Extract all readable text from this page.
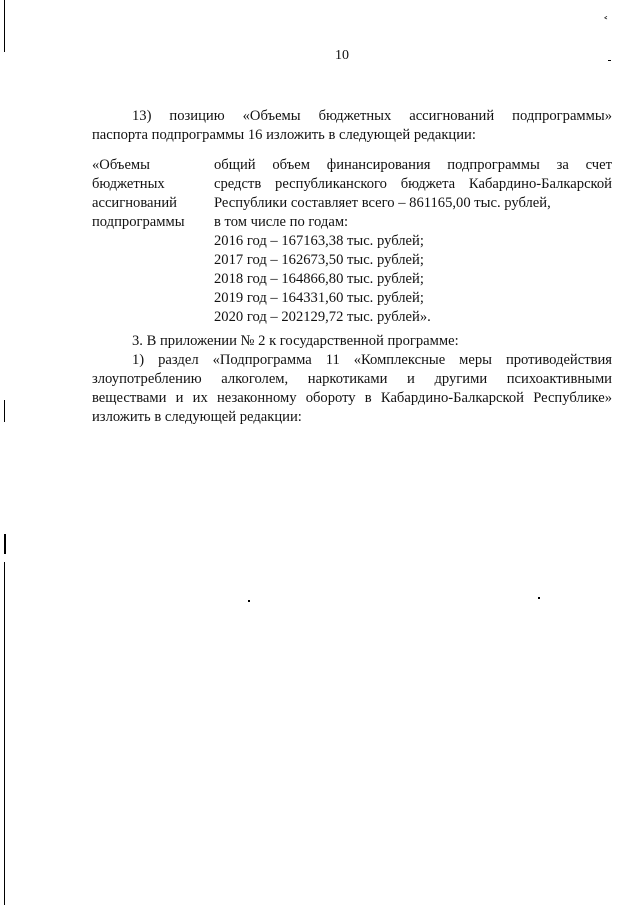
˂
10
13) позицию «Объемы бюджетных ассигнований подпрограммы»
паспорта подпрограммы 16 изложить в следующей редакции:
«Объемы
бюджетных
ассигнований
подпрограммы
общий объем финансирования подпрограммы за счет
средств республиканского бюджета Кабардино-Балкарской
Республики составляет всего – 861165,00 тыс. рублей,
в том числе по годам:
2016 год – 167163,38 тыс. рублей;
2017 год – 162673,50 тыс. рублей;
2018 год – 164866,80 тыс. рублей;
2019 год – 164331,60 тыс. рублей;
2020 год – 202129,72 тыс. рублей».
3. В приложении № 2 к государственной программе:
1) раздел «Подпрограмма 11 «Комплексные меры противодействия
злоупотреблению алкоголем, наркотиками и другими психоактивными
веществами и их незаконному обороту в Кабардино-Балкарской Республике»
изложить в следующей редакции:
